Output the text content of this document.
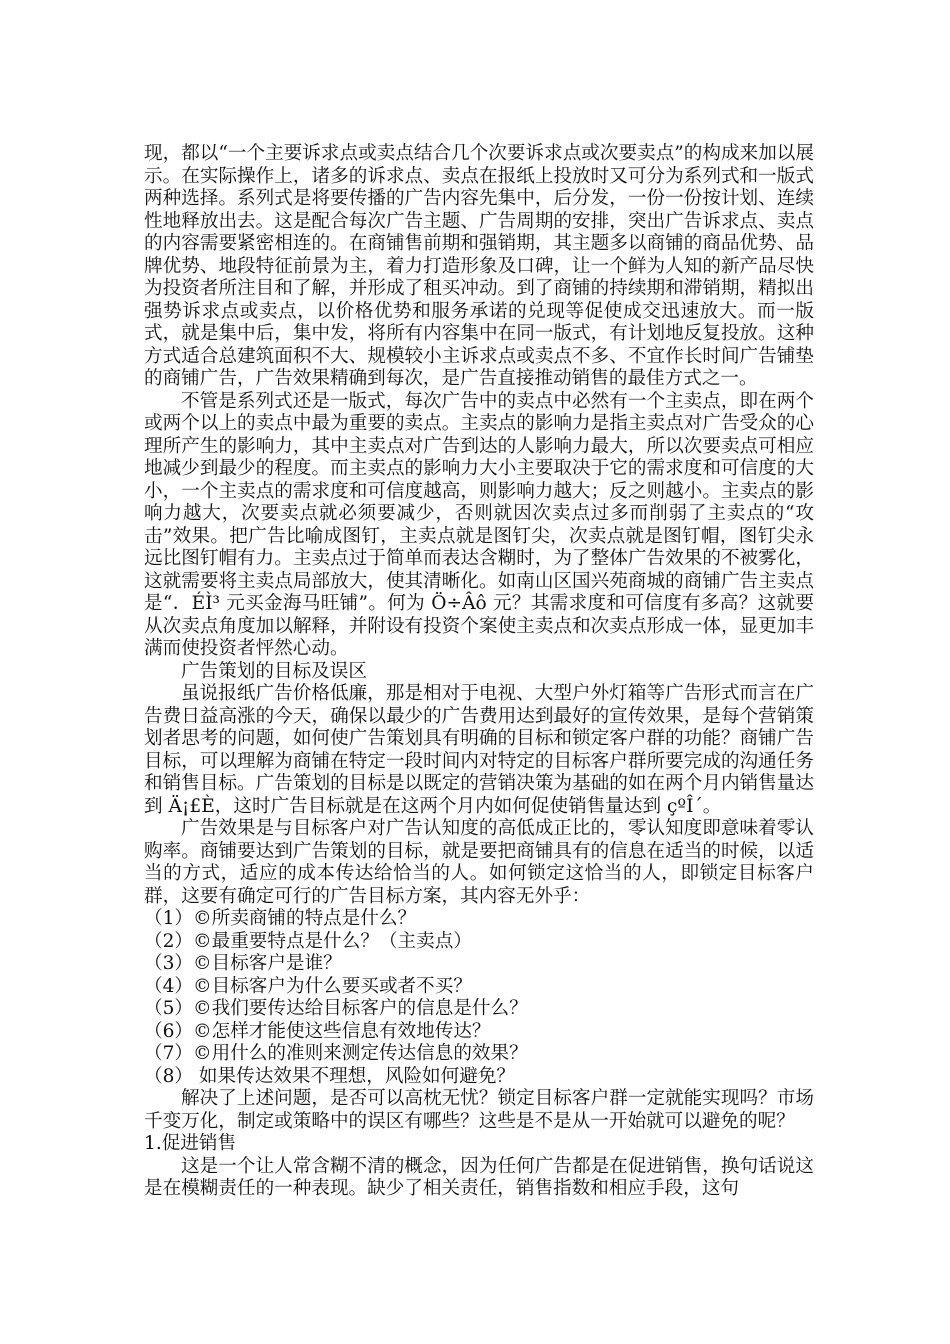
现，都以“一个主要诉求点或卖点结合几个次要诉求点或次要卖点”的构成来加以展示。在实际操作上，诸多的诉求点、卖点在报纸上投放时又可分为系列式和一版式两种选择。系列式是将要传播的广告内容先集中，后分发，一份一份按计划、连续性地释放出去。这是配合每次广告主题、广告周期的安排，突出广告诉求点、卖点的内容需要紧密相连的。在商铺售前期和强销期，其主题多以商铺的商品优势、品牌优势、地段特征前景为主，着力打造形象及口碑，让一个鲜为人知的新产品尽快为投资者所注目和了解，并形成了租买冲动。到了商铺的持续期和滞销期，精拟出强势诉求点或卖点，以价格优势和服务承诺的兑现等促使成交迅速放大。而一版式，就是集中后，集中发，将所有内容集中在同一版式，有计划地反复投放。这种方式适合总建筑面积不大、规模较小主诉求点或卖点不多、不宜作长时间广告铺垫的商铺广告，广告效果精确到每次，是广告直接推动销售的最佳方式之一。

不管是系列式还是一版式，每次广告中的卖点中必然有一个主卖点，即在两个或两个以上的卖点中最为重要的卖点。主卖点的影响力是指主卖点对广告受众的心理所产生的影响力，其中主卖点对广告到达的人影响力最大，所以次要卖点可相应地减少到最少的程度。而主卖点的影响力大小主要取决于它的需求度和可信度的大小，一个主卖点的需求度和可信度越高，则影响力越大；反之则越小。主卖点的影响力越大，次要卖点就必须要减少，否则就因次卖点过多而削弱了主卖点的“攻击”效果。把广告比喻成图钉，主卖点就是图钉尖，次卖点就是图钉帽，图钉尖永远比图钉帽有力。主卖点过于简单而表达含糊时，为了整体广告效果的不被雾化，这就需要将主卖点局部放大，使其清晰化。如南山区国兴苑商城的商铺广告主卖点是“．ÉÌ³ 元买金海马旺铺”。何为 Ö÷Âô 元？其需求度和可信度有多高？这就要从次卖点角度加以解释，并附设有投资个案使主卖点和次卖点形成一体，显更加丰满而使投资者怦然心动。

广告策划的目标及误区

虽说报纸广告价格低廉，那是相对于电视、大型户外灯箱等广告形式而言在广告费日益高涨的今天，确保以最少的广告费用达到最好的宣传效果，是每个营销策划者思考的问题，如何使广告策划具有明确的目标和锁定客户群的功能？商铺广告目标，可以理解为商铺在特定一段时间内对特定的目标客户群所要完成的沟通任务和销售目标。广告策划的目标是以既定的营销决策为基础的如在两个月内销售量达到 Ä¡£È，这时广告目标就是在这两个月内如何促使销售量达到 çºÎ´。

广告效果是与目标客户对广告认知度的高低成正比的，零认知度即意味着零认购率。商铺要达到广告策划的目标，就是要把商铺具有的信息在适当的时候，以适当的方式，适应的成本传达给恰当的人。如何锁定这恰当的人，即锁定目标客户群，这要有确定可行的广告目标方案，其内容无外乎：

（1）©所卖商铺的特点是什么？
（2）©最重要特点是什么？（主卖点）
（3）©目标客户是谁？
（4）©目标客户为什么要买或者不买？
（5）©我们要传达给目标客户的信息是什么？
（6）©怎样才能使这些信息有效地传达？
（7）©用什么的准则来测定传达信息的效果？
（8） 如果传达效果不理想，风险如何避免？

解决了上述问题，是否可以高枕无忧？锁定目标客户群一定就能实现吗？市场千变万化，制定或策略中的误区有哪些？这些是不是从一开始就可以避免的呢？

1.促进销售

这是一个让人常含糊不清的概念，因为任何广告都是在促进销售，换句话说这是在模糊责任的一种表现。缺少了相关责任，销售指数和相应手段，这句
